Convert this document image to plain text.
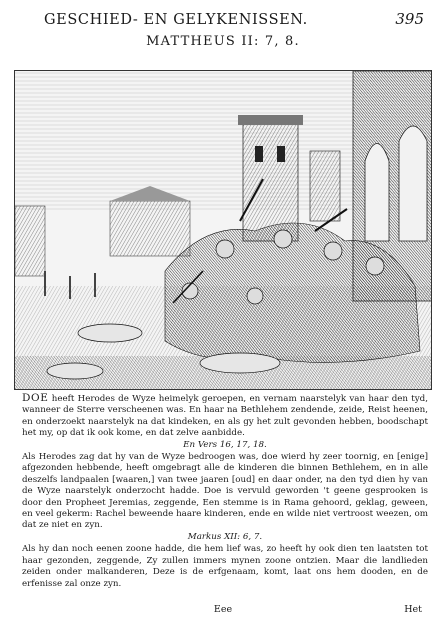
GESCHIED- EN GELYKENISSEN.	395
MATTHEUS II: 7, 8.

DOE heeft Herodes de Wyze heimelyk geroepen, en vernam naarstelyk van haar den tyd, wanneer de Sterre verscheenen was. En haar na Bethlehem zendende, zeide, Reist heenen, en onderzoekt naarstelyk na dat kindeken, en als gy het zult gevonden hebben, boodschapt het my, op dat ik ook kome, en dat zelve aanbidde.

En Vers 16, 17, 18.

Als Herodes zag dat hy van de Wyze bedroogen was, doe wierd hy zeer toornig, en [enige] afgezonden hebbende, heeft omgebragt alle de kinderen die binnen Bethlehem, en in alle deszelfs landpaalen [waaren,] van twee jaaren [oud] en daar onder, na den tyd dien hy van de Wyze naarstelyk onderzocht hadde. Doe is vervuld geworden 't geene gesprooken is door den Propheet Jeremias, zeggende, Een stemme is in Rama gehoord, geklag, geween, en veel gekerm: Rachel beweende haare kinderen, ende en wilde niet vertroost weezen, om dat ze niet en zyn.

Markus XII: 6, 7.

Als hy dan noch eenen zoone hadde, die hem lief was, zo heeft hy ook dien ten laatsten tot haar gezonden, zeggende, Zy zullen immers mynen zoone ontzien. Maar die landlieden zeiden onder malkanderen, Deze is de erfgenaam, komt, laat ons hem dooden, en de erfenisse zal onze zyn.

Eee	Het
